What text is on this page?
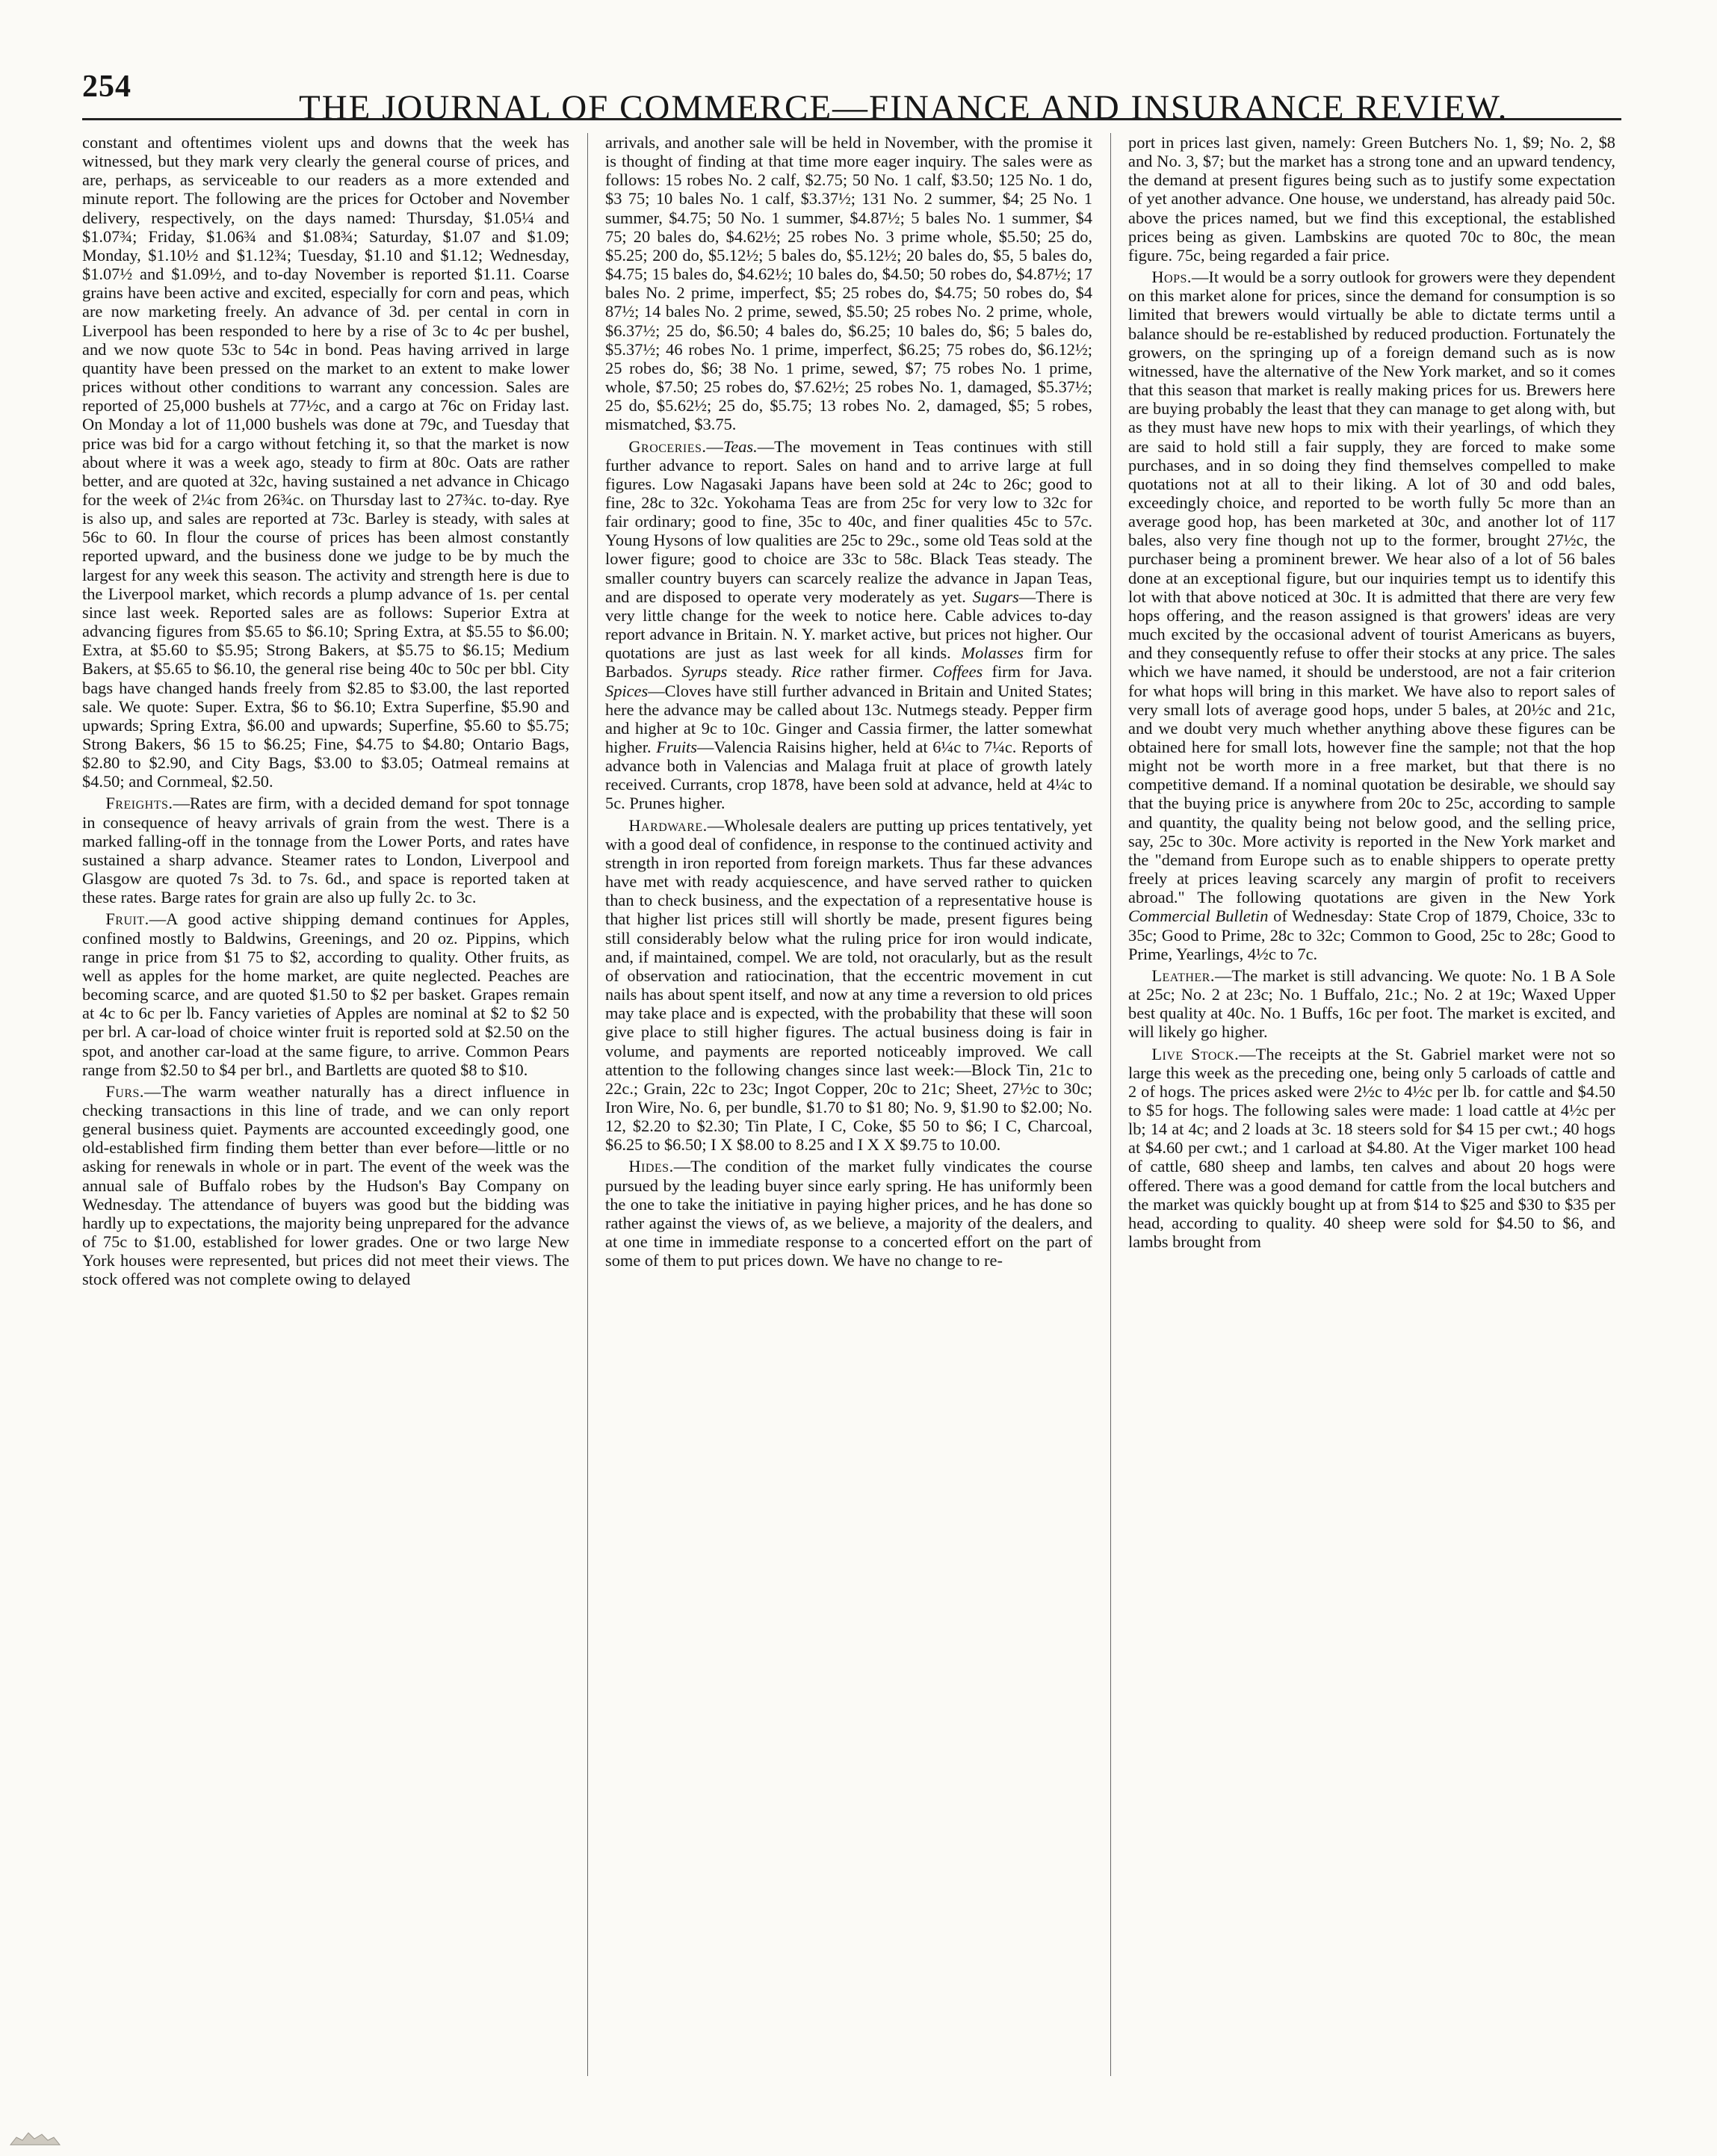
254
THE JOURNAL OF COMMERCE—FINANCE AND INSURANCE REVIEW.

constant and oftentimes violent ups and downs that the week has witnessed, but they mark very clearly the general course of prices, and are, perhaps, as serviceable to our readers as a more extended and minute report. The following are the prices for October and November delivery, respectively, on the days named: Thursday, $1.05¼ and $1.07¾; Friday, $1.06¾ and $1.08¾; Saturday, $1.07 and $1.09; Monday, $1.10½ and $1.12¾; Tuesday, $1.10 and $1.12; Wednesday, $1.07½ and $1.09½, and to-day November is reported $1.11. Coarse grains have been active and excited, especially for corn and peas, which are now marketing freely. An advance of 3d. per cental in corn in Liverpool has been responded to here by a rise of 3c to 4c per bushel, and we now quote 53c to 54c in bond. Peas having arrived in large quantity have been pressed on the market to an extent to make lower prices without other conditions to warrant any concession. Sales are reported of 25,000 bushels at 77½c, and a cargo at 76c on Friday last. On Monday a lot of 11,000 bushels was done at 79c, and Tuesday that price was bid for a cargo without fetching it, so that the market is now about where it was a week ago, steady to firm at 80c. Oats are rather better, and are quoted at 32c, having sustained a net advance in Chicago for the week of 2¼c from 26¾c. on Thursday last to 27¾c. to-day. Rye is also up, and sales are reported at 73c. Barley is steady, with sales at 56c to 60. In flour the course of prices has been almost constantly reported upward, and the business done we judge to be by much the largest for any week this season. The activity and strength here is due to the Liverpool market, which records a plump advance of 1s. per cental since last week. Reported sales are as follows: Superior Extra at advancing figures from $5.65 to $6.10; Spring Extra, at $5.55 to $6.00; Extra, at $5.60 to $5.95; Strong Bakers, at $5.75 to $6.15; Medium Bakers, at $5.65 to $6.10, the general rise being 40c to 50c per bbl. City bags have changed hands freely from $2.85 to $3.00, the last reported sale. We quote: Super. Extra, $6 to $6.10; Extra Superfine, $5.90 and upwards; Spring Extra, $6.00 and upwards; Superfine, $5.60 to $5.75; Strong Bakers, $6 15 to $6.25; Fine, $4.75 to $4.80; Ontario Bags, $2.80 to $2.90, and City Bags, $3.00 to $3.05; Oatmeal remains at $4.50; and Cornmeal, $2.50.

Freights.—Rates are firm, with a decided demand for spot tonnage in consequence of heavy arrivals of grain from the west. There is a marked falling-off in the tonnage from the Lower Ports, and rates have sustained a sharp advance. Steamer rates to London, Liverpool and Glasgow are quoted 7s 3d. to 7s. 6d., and space is reported taken at these rates. Barge rates for grain are also up fully 2c. to 3c.

Fruit.—A good active shipping demand continues for Apples, confined mostly to Baldwins, Greenings, and 20 oz. Pippins, which range in price from $1 75 to $2, according to quality. Other fruits, as well as apples for the home market, are quite neglected. Peaches are becoming scarce, and are quoted $1.50 to $2 per basket. Grapes remain at 4c to 6c per lb. Fancy varieties of Apples are nominal at $2 to $2 50 per brl. A car-load of choice winter fruit is reported sold at $2.50 on the spot, and another car-load at the same figure, to arrive. Common Pears range from $2.50 to $4 per brl., and Bartletts are quoted $8 to $10.

Furs.—The warm weather naturally has a direct influence in checking transactions in this line of trade, and we can only report general business quiet. Payments are accounted exceedingly good, one old-established firm finding them better than ever before—little or no asking for renewals in whole or in part. The event of the week was the annual sale of Buffalo robes by the Hudson's Bay Company on Wednesday. The attendance of buyers was good but the bidding was hardly up to expectations, the majority being unprepared for the advance of 75c to $1.00, established for lower grades. One or two large New York houses were represented, but prices did not meet their views. The stock offered was not complete owing to delayed

arrivals, and another sale will be held in November, with the promise it is thought of finding at that time more eager inquiry. The sales were as follows: 15 robes No. 2 calf, $2.75; 50 No. 1 calf, $3.50; 125 No. 1 do, $3 75; 10 bales No. 1 calf, $3.37½; 131 No. 2 summer, $4; 25 No. 1 summer, $4.75; 50 No. 1 summer, $4.87½; 5 bales No. 1 summer, $4 75; 20 bales do, $4.62½; 25 robes No. 3 prime whole, $5.50; 25 do, $5.25; 200 do, $5.12½; 5 bales do, $5.12½; 20 bales do, $5, 5 bales do, $4.75; 15 bales do, $4.62½; 10 bales do, $4.50; 50 robes do, $4.87½; 17 bales No. 2 prime, imperfect, $5; 25 robes do, $4.75; 50 robes do, $4 87½; 14 bales No. 2 prime, sewed, $5.50; 25 robes No. 2 prime, whole, $6.37½; 25 do, $6.50; 4 bales do, $6.25; 10 bales do, $6; 5 bales do, $5.37½; 46 robes No. 1 prime, imperfect, $6.25; 75 robes do, $6.12½; 25 robes do, $6; 38 No. 1 prime, sewed, $7; 75 robes No. 1 prime, whole, $7.50; 25 robes do, $7.62½; 25 robes No. 1, damaged, $5.37½; 25 do, $5.62½; 25 do, $5.75; 13 robes No. 2, damaged, $5; 5 robes, mismatched, $3.75.

Groceries.—Teas.—The movement in Teas continues with still further advance to report. Sales on hand and to arrive large at full figures. Low Nagasaki Japans have been sold at 24c to 26c; good to fine, 28c to 32c. Yokohama Teas are from 25c for very low to 32c for fair ordinary; good to fine, 35c to 40c, and finer qualities 45c to 57c. Young Hysons of low qualities are 25c to 29c., some old Teas sold at the lower figure; good to choice are 33c to 58c. Black Teas steady. The smaller country buyers can scarcely realize the advance in Japan Teas, and are disposed to operate very moderately as yet. Sugars—There is very little change for the week to notice here. Cable advices to-day report advance in Britain. N. Y. market active, but prices not higher. Our quotations are just as last week for all kinds. Molasses firm for Barbados. Syrups steady. Rice rather firmer. Coffees firm for Java. Spices—Cloves have still further advanced in Britain and United States; here the advance may be called about 13c. Nutmegs steady. Pepper firm and higher at 9c to 10c. Ginger and Cassia firmer, the latter somewhat higher. Fruits—Valencia Raisins higher, held at 6¼c to 7¼c. Reports of advance both in Valencias and Malaga fruit at place of growth lately received. Currants, crop 1878, have been sold at advance, held at 4¼c to 5c. Prunes higher.

Hardware.—Wholesale dealers are putting up prices tentatively, yet with a good deal of confidence, in response to the continued activity and strength in iron reported from foreign markets. Thus far these advances have met with ready acquiescence, and have served rather to quicken than to check business, and the expectation of a representative house is that higher list prices still will shortly be made, present figures being still considerably below what the ruling price for iron would indicate, and, if maintained, compel. We are told, not oracularly, but as the result of observation and ratiocination, that the eccentric movement in cut nails has about spent itself, and now at any time a reversion to old prices may take place and is expected, with the probability that these will soon give place to still higher figures. The actual business doing is fair in volume, and payments are reported noticeably improved. We call attention to the following changes since last week:—Block Tin, 21c to 22c.; Grain, 22c to 23c; Ingot Copper, 20c to 21c; Sheet, 27½c to 30c; Iron Wire, No. 6, per bundle, $1.70 to $1 80; No. 9, $1.90 to $2.00; No. 12, $2.20 to $2.30; Tin Plate, I C, Coke, $5 50 to $6; I C, Charcoal, $6.25 to $6.50; I X $8.00 to 8.25 and I X X $9.75 to 10.00.

Hides.—The condition of the market fully vindicates the course pursued by the leading buyer since early spring. He has uniformly been the one to take the initiative in paying higher prices, and he has done so rather against the views of, as we believe, a majority of the dealers, and at one time in immediate response to a concerted effort on the part of some of them to put prices down. We have no change to re-

port in prices last given, namely: Green Butchers No. 1, $9; No. 2, $8 and No. 3, $7; but the market has a strong tone and an upward tendency, the demand at present figures being such as to justify some expectation of yet another advance. One house, we understand, has already paid 50c. above the prices named, but we find this exceptional, the established prices being as given. Lambskins are quoted 70c to 80c, the mean figure. 75c, being regarded a fair price.

Hops.—It would be a sorry outlook for growers were they dependent on this market alone for prices, since the demand for consumption is so limited that brewers would virtually be able to dictate terms until a balance should be re-established by reduced production. Fortunately the growers, on the springing up of a foreign demand such as is now witnessed, have the alternative of the New York market, and so it comes that this season that market is really making prices for us. Brewers here are buying probably the least that they can manage to get along with, but as they must have new hops to mix with their yearlings, of which they are said to hold still a fair supply, they are forced to make some purchases, and in so doing they find themselves compelled to make quotations not at all to their liking. A lot of 30 and odd bales, exceedingly choice, and reported to be worth fully 5c more than an average good hop, has been marketed at 30c, and another lot of 117 bales, also very fine though not up to the former, brought 27½c, the purchaser being a prominent brewer. We hear also of a lot of 56 bales done at an exceptional figure, but our inquiries tempt us to identify this lot with that above noticed at 30c. It is admitted that there are very few hops offering, and the reason assigned is that growers' ideas are very much excited by the occasional advent of tourist Americans as buyers, and they consequently refuse to offer their stocks at any price. The sales which we have named, it should be understood, are not a fair criterion for what hops will bring in this market. We have also to report sales of very small lots of average good hops, under 5 bales, at 20½c and 21c, and we doubt very much whether anything above these figures can be obtained here for small lots, however fine the sample; not that the hop might not be worth more in a free market, but that there is no competitive demand. If a nominal quotation be desirable, we should say that the buying price is anywhere from 20c to 25c, according to sample and quantity, the quality being not below good, and the selling price, say, 25c to 30c. More activity is reported in the New York market and the "demand from Europe such as to enable shippers to operate pretty freely at prices leaving scarcely any margin of profit to receivers abroad." The following quotations are given in the New York Commercial Bulletin of Wednesday: State Crop of 1879, Choice, 33c to 35c; Good to Prime, 28c to 32c; Common to Good, 25c to 28c; Good to Prime, Yearlings, 4½c to 7c.

Leather.—The market is still advancing. We quote: No. 1 B A Sole at 25c; No. 2 at 23c; No. 1 Buffalo, 21c.; No. 2 at 19c; Waxed Upper best quality at 40c. No. 1 Buffs, 16c per foot. The market is excited, and will likely go higher.

Live Stock.—The receipts at the St. Gabriel market were not so large this week as the preceding one, being only 5 carloads of cattle and 2 of hogs. The prices asked were 2½c to 4½c per lb. for cattle and $4.50 to $5 for hogs. The following sales were made: 1 load cattle at 4½c per lb; 14 at 4c; and 2 loads at 3c. 18 steers sold for $4 15 per cwt.; 40 hogs at $4.60 per cwt.; and 1 carload at $4.80. At the Viger market 100 head of cattle, 680 sheep and lambs, ten calves and about 20 hogs were offered. There was a good demand for cattle from the local butchers and the market was quickly bought up at from $14 to $25 and $30 to $35 per head, according to quality. 40 sheep were sold for $4.50 to $6, and lambs brought from
